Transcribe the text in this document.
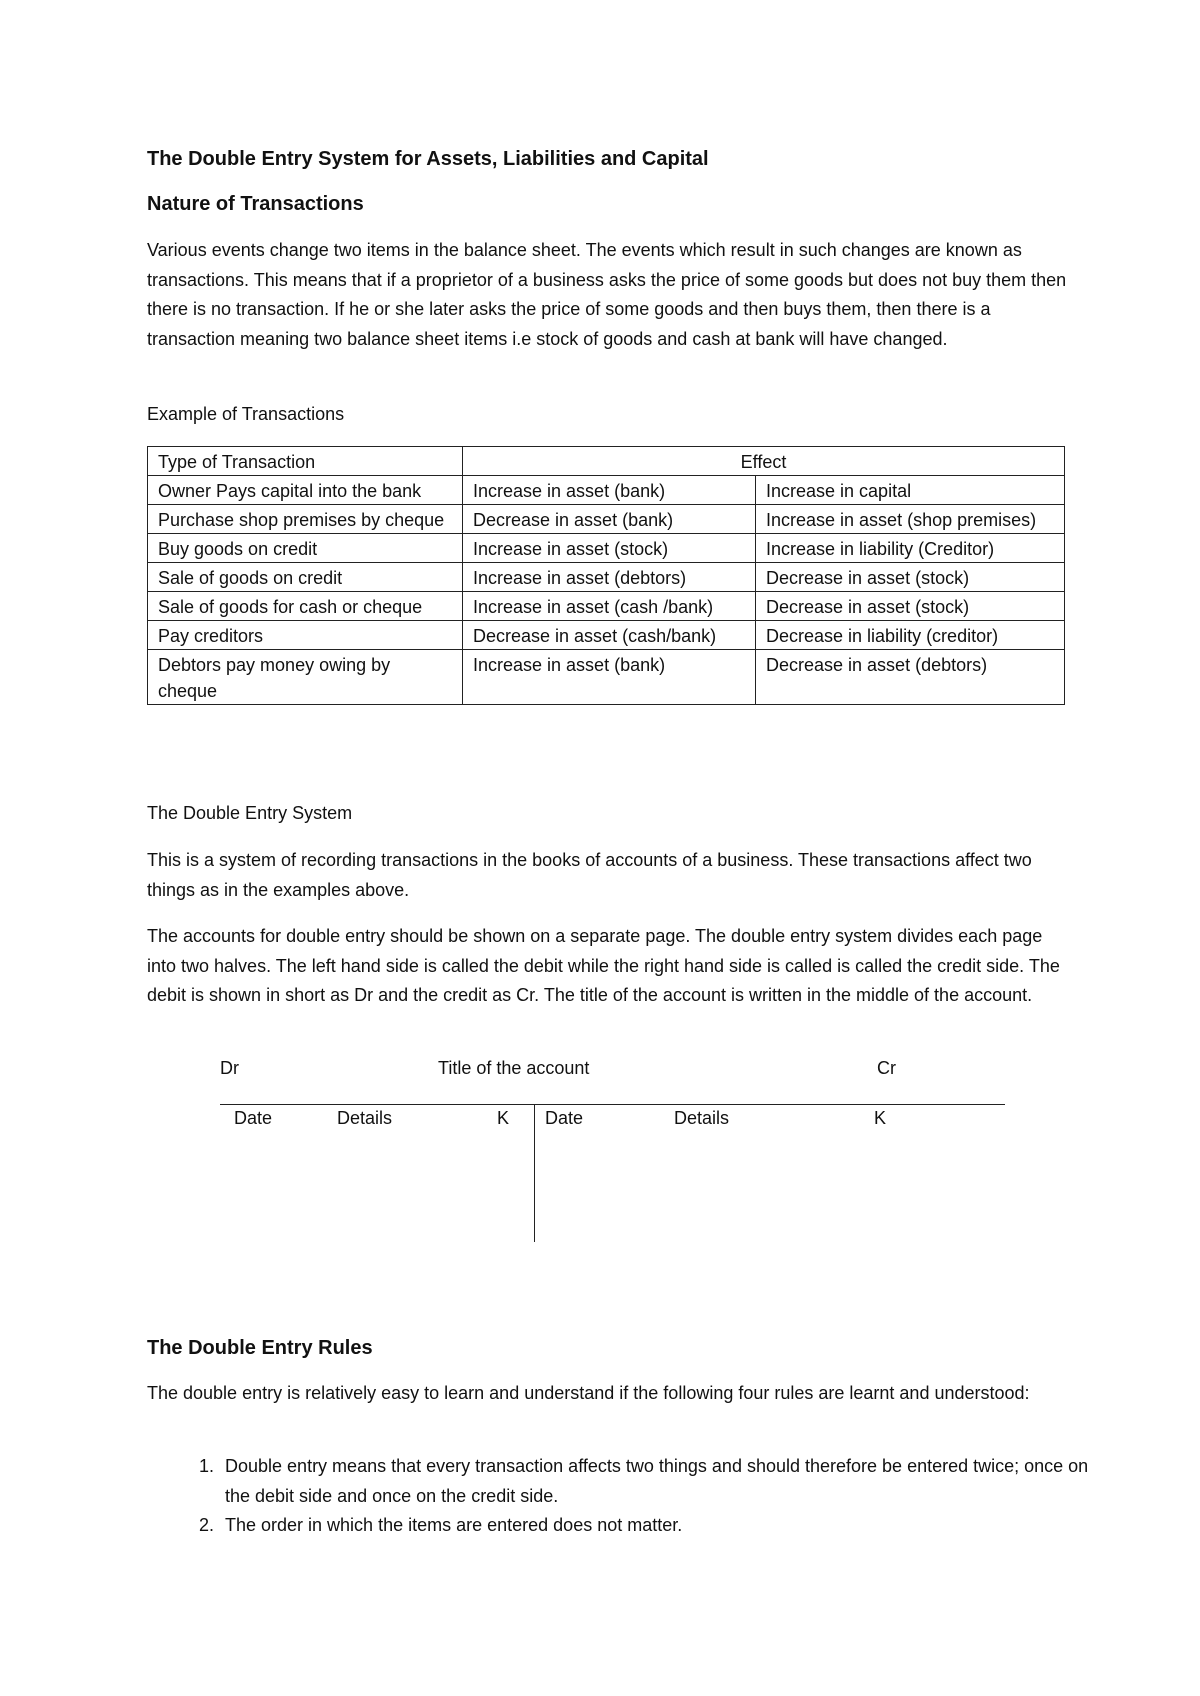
The Double Entry System for Assets, Liabilities and Capital
Nature of Transactions

Various events change two items in the balance sheet. The events which result in such changes are known as transactions. This means that if a proprietor of a business asks the price of some goods but does not buy them then there is no transaction. If he or she later asks the price of some goods and then buys them, then there is a transaction meaning two balance sheet items i.e stock of goods and cash at bank will have changed.

Example of Transactions
Type of Transaction	Effect	
Owner Pays capital into the bank	Increase in asset (bank)	Increase in capital
Purchase shop premises by cheque	Decrease in asset (bank)	Increase in asset (shop premises)
Buy goods on credit	Increase in asset (stock)	Increase in liability (Creditor)
Sale of goods on credit	Increase in asset (debtors)	Decrease in asset (stock)
Sale of goods for cash or cheque	Increase in asset (cash /bank)	Decrease in asset (stock)
Pay creditors	Decrease in asset (cash/bank)	Decrease in liability (creditor)
Debtors pay money owing by cheque	Increase in asset (bank)	Decrease in asset (debtors)
The Double Entry System

This is a system of recording transactions in the books of accounts of a business. These transactions affect two things as in the examples above.

The accounts for double entry should be shown on a separate page. The double entry system divides each page into two halves. The left hand side is called the debit while the right hand side is called is called the credit side. The debit is shown in short as Dr and the credit as Cr. The title of the account is written in the middle of the account.

Dr	Title of the account	Cr
Date	Details	K Date	Details	K
The Double Entry Rules

The double entry is relatively easy to learn and understand if the following four rules are learnt and understood:

1. Double entry means that every transaction affects two things and should therefore be entered twice; once on the debit side and once on the credit side.
2. The order in which the items are entered does not matter.
